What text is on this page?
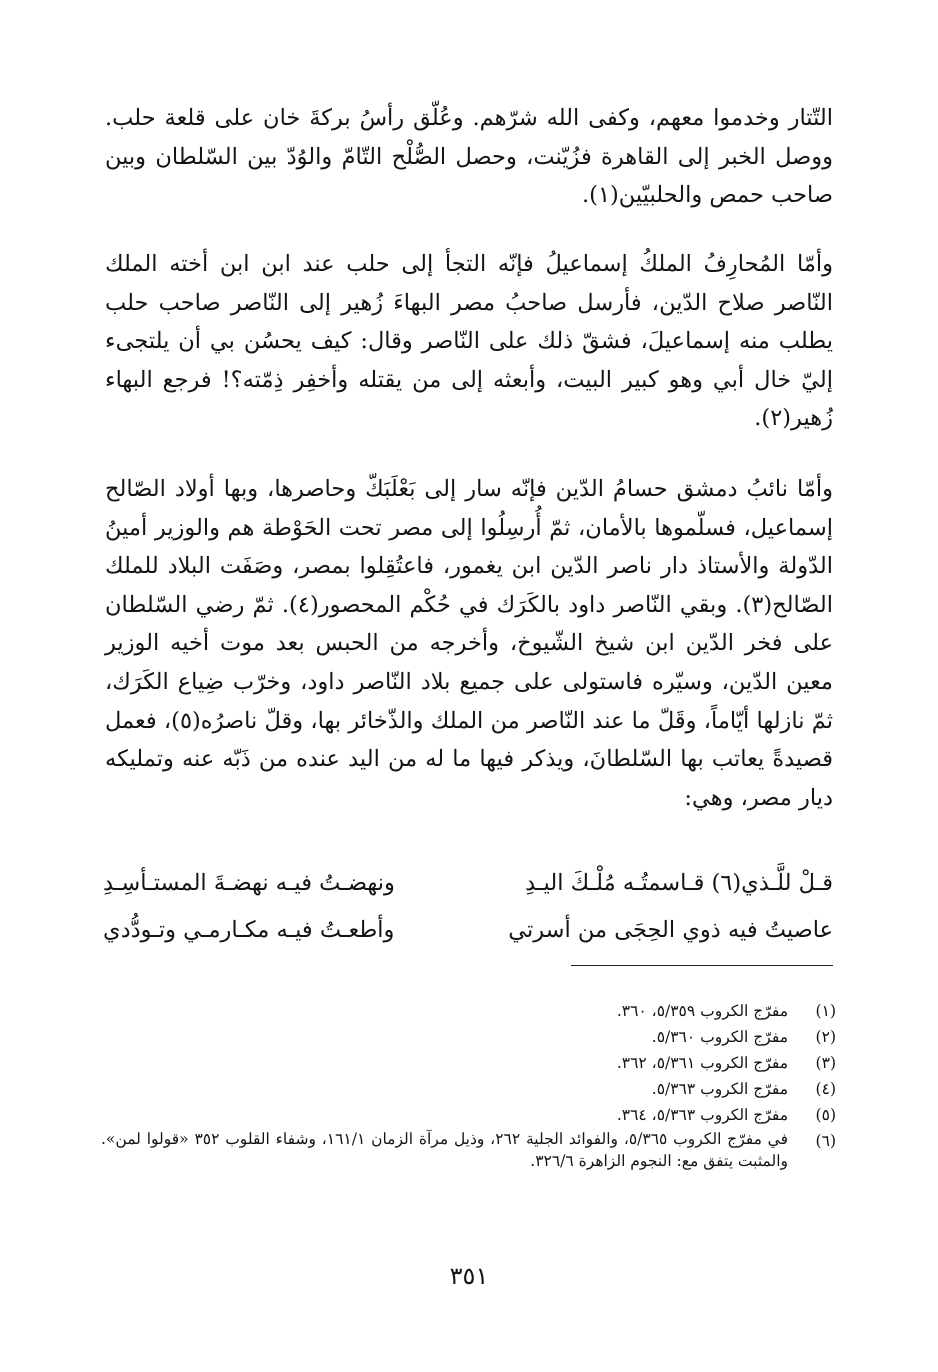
التّتار وخدموا معهم، وكفى الله شرّهم. وعُلّق رأسُ بركةَ خان على قلعة حلب. ووصل الخبر إلى القاهرة فزُيّنت، وحصل الصُّلْح التّامّ والوُدّ بين السّلطان وبين صاحب حمص والحلبيّين(١).

وأمّا المُحارِفُ الملكُ إسماعيلُ فإنّه التجأ إلى حلب عند ابن ابن أخته الملك النّاصر صلاح الدّين، فأرسل صاحبُ مصر البهاءَ زُهير إلى النّاصر صاحب حلب يطلب منه إسماعيلَ، فشقّ ذلك على النّاصر وقال: كيف يحسُن بي أن يلتجىء إليّ خال أبي وهو كبير البيت، وأبعثه إلى من يقتله وأخفِر ذِمّته؟! فرجع البهاء زُهير(٢).

وأمّا نائبُ دمشق حسامُ الدّين فإنّه سار إلى بَعْلَبَكّ وحاصرها، وبها أولاد الصّالح إسماعيل، فسلّموها بالأمان، ثمّ أُرسِلُوا إلى مصر تحت الحَوْطة هم والوزير أمينُ الدّولة والأستاذ دار ناصر الدّين ابن يغمور، فاعتُقِلوا بمصر، وصَفَت البلاد للملك الصّالح(٣). وبقي النّاصر داود بالكَرَك في حُكْم المحصور(٤). ثمّ رضي السّلطان على فخر الدّين ابن شيخ الشّيوخ، وأخرجه من الحبس بعد موت أخيه الوزير معين الدّين، وسيّره فاستولى على جميع بلاد النّاصر داود، وخرّب ضِياع الكَرَك، ثمّ نازلها أيّاماً، وقَلّ ما عند النّاصر من الملك والذّخائر بها، وقلّ ناصرُه(٥)، فعمل قصيدةً يعاتب بها السّلطانَ، ويذكر فيها ما له من اليد عنده من ذَبّه عنه وتمليكه ديار مصر، وهي:

قـلْ للَّـذي(٦) قـاسمتُـه مُلْـكَ اليـدِ
ونهضـتُ فيـه نهضـةَ المستـأسِـدِ
عاصيتُ فيه ذوي الحِجَى من أسرتي
وأطعـتُ فيـه مكـارمـي وتـودُّدي
(١)
مفرّج الكروب ٥/٣٥٩، ٣٦٠.
(٢)
مفرّج الكروب ٥/٣٦٠.
(٣)
مفرّج الكروب ٥/٣٦١، ٣٦٢.
(٤)
مفرّج الكروب ٥/٣٦٣.
(٥)
مفرّج الكروب ٥/٣٦٣، ٣٦٤.
(٦)
في مفرّج الكروب ٥/٣٦٥، والفوائد الجلية ٢٦٢، وذيل مرآة الزمان ١٦١/١، وشفاء القلوب ٣٥٢ «قولوا لمن». والمثبت يتفق مع: النجوم الزاهرة ٣٢٦/٦.
٣٥١
